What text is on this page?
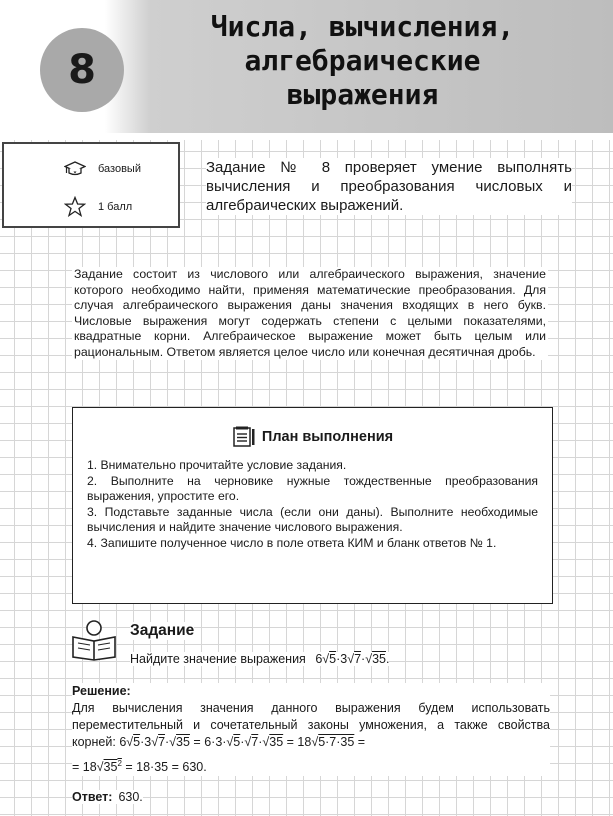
8
Числа, вычисления,
алгебраические
выражения
базовый
1 балл
Задание № 8 проверяет умение выполнять вычисления и преобразования числовых и алгебраических выражений.
Задание состоит из числового или алгебраического выражения, значение которого необходимо найти, применяя математические преобразования. Для случая алгебраического выражения даны значения входящих в него букв. Числовые выражения могут содержать степени с целыми показателями, квадратные корни. Алгебраическое выражение может быть целым или рациональным. Ответом является целое число или конечная десятичная дробь.
План выполнения
1. Внимательно прочитайте условие задания.
2. Выполните на черновике нужные тождественные преобразования выражения, упростите его.
3. Подставьте заданные числа (если они даны). Выполните необходимые вычисления и найдите значение числового выражения.
4. Запишите полученное число в поле ответа КИМ и бланк ответов № 1.
Задание
Найдите значение выражения 6√5·3√7·√35.
Решение:
Для вычисления значения данного выражения будем использовать переместительный и сочетательный законы умножения, а также свойства корней: 6√5·3√7·√35 = 6·3·√5·√7·√35 = 18√5·7·35 =
= $18√35^2 = 18\cdot 35 = 630$.
Ответ: 630.
